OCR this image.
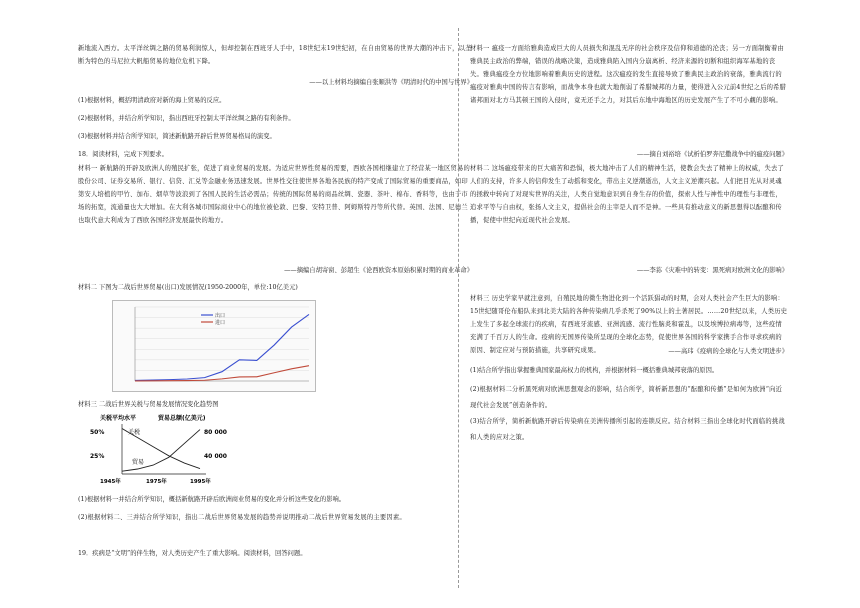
新地流入西方。太平洋丝绸之路的贸易利润惊人，但却控制在西班牙人手中，18世纪末19世纪初，在自由贸易的世界大潮的冲击下，以垄断为特色的马尼拉大帆船贸易的地位危机下降。

——以上材料均摘编自张顺洪等《明清时代的中国与世界》
(1)根据材料，概括明清政府对新的海上贸易的反应。
(2)根据材料，并结合所学知识，指出西班牙控制太平洋丝绸之路的有利条件。
(3)根据材料并结合所学知识，简述新航路开辟后世界贸易格局的演变。
18．阅读材料，完成下列要求。

材料一 新航路的开辟及欧洲人的殖民扩张，促进了商业贸易的发展。为适应世界性贸易的需要，西欧各国相继建立了经营某一地区贸易的股份公司、证券交易所、银行、信贷、汇兑等金融业务迅速发展。世界性交往使世界各地各民族的特产变成了国际贸易的重要商品，如印第安人培植的甲竹、加布、烟草等波浪到了各国人民的生活必需品；传统的国际贸易的商品丝绸、瓷器、茶叶、棉布、香料等，也由于市场的拓宽，流通量也大大增加。在大利各城市国际商业中心的地位被伦敦、巴黎、安特卫普、阿姆斯特丹等所代替。英国、法国、尼德兰也取代意大利成为了西欧各国经济发展最快的地方。

——摘编自胡寄窗、彭超生《论西欧资本原始积累时期的商业革命》
材料二 下图为二战后世界贸易(出口)发展情况(1950-2000年，单位:10亿美元)
出口
进口
材料三 二战后世界关税与贸易发展情况变化趋势图
关税平均水平	贸易总额(亿美元)
50%
25%
80 000
40 000
1945年	1975年	1995年
关税
贸易
(1)根据材料一并结合所学知识，概括新航路开辟后欧洲商业贸易的变化并分析这些变化的影响。

(2)根据材料二、三并结合所学知识，指出二战后世界贸易发展的趋势并说明推动二战后世界贸易发展的主要因素。

19．疾病是“文明”的伴生物，对人类历史产生了重大影响。阅读材料，回答问题。

材料一 瘟疫一方面给雅典造成巨大的人员损失和混乱无序的社会秩序及信仰和道德的沦丧；另一方面制衡着由雅典民主政治的弊端，错误的战略决策，造成雅典陷入国内分崩离析、经济来源的切断和组织海军基地的丧失。雅典瘟疫全方位地影响着雅典历史的进程。这次瘟疫的发生直接导致了雅典民主政治的衰落，雅典流行的瘟疫对雅典中国的传言有影响，而战争本身也就大地削弱了希腊城邦的力量，使得进入公元前4世纪之后的希腊诸邦面对北方马其顿王国的入侵时，竟无还手之力，对其后东地中海地区的历史发展产生了不可小觑的影响。

——摘自刘裕培《试析伯罗奔尼撒战争中的瘟疫问题》

材料二 这场瘟疫带来的巨大痛苦和恐惧，极大地冲击了人们的精神生活，使教会失去了精神上的权威，失去了人们的支持，许多人的信仰发生了动摇和变化，带出主义逆潮逝出，人文主义逆潮兴起。人们把目光从对灵魂的拯救中转向了对现实世界的关注，人类自觉地意识到自身生存的价值，探索人性与神性中的理性与非理性，追求平等与自由权，张扬人文主义，提倡社会的主宰是人而不是神。一些具有推动意义的新思想得以酝酿和传播，促使中世纪向近现代社会发展。

——李荪《灾难中的转变：黑死病对欧洲文化的影响》

材料三 历史学家早就注意到，自殖民地的微生物进化到一个活跃猖动的时期，会对人类社会产生巨大的影响：15世纪随哥伦布船队来到北美大陆的各种传染病几乎杀死了90%以上的土著居民。……20世纪以来，人类历史上发生了多起全球流行的疾病，有西班牙流感、亚洲流感、流行性脑炎和霍乱，以及埃博拉病毒等，这些疫情充满了千百万人的生命。疫病的无国界传染所呈现的全球化态势，促使世界各国的科学家携手合作寻求疾病的原因、制定应对与预防措施，共享研究成果。	——高玮《疫病的全球化与人类文明进步》
(1)结合所学指出掌握雅典国家最高权力的机构，并根据材料一概括雅典城邦衰落的原因。

(2)根据材料二分析黑死病对欧洲思想观念的影响，结合所学，简析新思想的“酝酿和传播”是如何为欧洲“向近现代社会发展”创造条件的。

(3)结合所学，简析新航路开辟后传染病在美洲传播所引起的连锁反应。结合材料三指出全球化时代面临的挑战和人类的应对之策。
